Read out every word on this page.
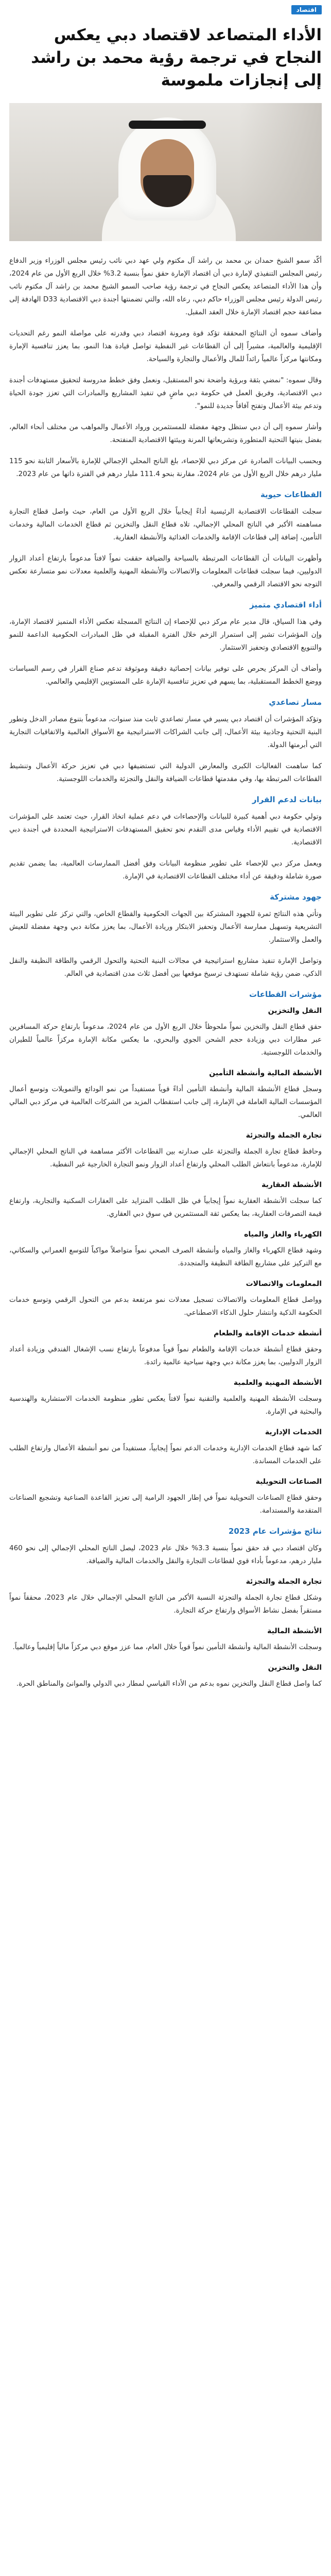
اقتصاد
الأداء المتصاعد لاقتصاد دبي يعكس النجاح في ترجمة رؤية محمد بن راشد إلى إنجازات ملموسة

أكّد سمو الشيخ حمدان بن محمد بن راشد آل مكتوم ولي عهد دبي نائب رئيس مجلس الوزراء وزير الدفاع رئيس المجلس التنفيذي لإمارة دبي أن اقتصاد الإمارة حقق نمواً بنسبة 3.2% خلال الربع الأول من عام 2024، وأن هذا الأداء المتصاعد يعكس النجاح في ترجمة رؤية صاحب السمو الشيخ محمد بن راشد آل مكتوم نائب رئيس الدولة رئيس مجلس الوزراء حاكم دبي، رعاه الله، والتي تضمنتها أجندة دبي الاقتصادية D33 الهادفة إلى مضاعفة حجم اقتصاد الإمارة خلال العقد المقبل.

وأضاف سموه أن النتائج المحققة تؤكد قوة ومرونة اقتصاد دبي وقدرته على مواصلة النمو رغم التحديات الإقليمية والعالمية، مشيراً إلى أن القطاعات غير النفطية تواصل قيادة هذا النمو، بما يعزز تنافسية الإمارة ومكانتها مركزاً عالمياً رائداً للمال والأعمال والتجارة والسياحة.

وقال سموه: "نمضي بثقة وبرؤية واضحة نحو المستقبل، ونعمل وفق خطط مدروسة لتحقيق مستهدفات أجندة دبي الاقتصادية، وفريق العمل في حكومة دبي ماضٍ في تنفيذ المشاريع والمبادرات التي تعزز جودة الحياة وتدعم بيئة الأعمال وتفتح آفاقاً جديدة للنمو".

وأشار سموه إلى أن دبي ستظل وجهة مفضلة للمستثمرين ورواد الأعمال والمواهب من مختلف أنحاء العالم، بفضل بنيتها التحتية المتطورة وتشريعاتها المرنة وبيئتها الاقتصادية المنفتحة.

وبحسب البيانات الصادرة عن مركز دبي للإحصاء، بلغ الناتج المحلي الإجمالي للإمارة بالأسعار الثابتة نحو 115 مليار درهم خلال الربع الأول من عام 2024، مقارنة بنحو 111.4 مليار درهم في الفترة ذاتها من عام 2023.

القطاعات حيوية

سجلت القطاعات الاقتصادية الرئيسية أداءً إيجابياً خلال الربع الأول من العام، حيث واصل قطاع التجارة مساهمته الأكبر في الناتج المحلي الإجمالي، تلاه قطاع النقل والتخزين ثم قطاع الخدمات المالية وخدمات التأمين، إضافة إلى قطاعات الإقامة والخدمات الغذائية والأنشطة العقارية.

وأظهرت البيانات أن القطاعات المرتبطة بالسياحة والضيافة حققت نمواً لافتاً مدعوماً بارتفاع أعداد الزوار الدوليين، فيما سجلت قطاعات المعلومات والاتصالات والأنشطة المهنية والعلمية معدلات نمو متسارعة تعكس التوجه نحو الاقتصاد الرقمي والمعرفي.

أداء اقتصادي متميز

وفي هذا السياق، قال مدير عام مركز دبي للإحصاء إن النتائج المسجلة تعكس الأداء المتميز لاقتصاد الإمارة، وإن المؤشرات تشير إلى استمرار الزخم خلال الفترة المقبلة في ظل المبادرات الحكومية الداعمة للنمو والتنويع الاقتصادي وتحفيز الاستثمار.

وأضاف أن المركز يحرص على توفير بيانات إحصائية دقيقة وموثوقة تدعم صناع القرار في رسم السياسات ووضع الخطط المستقبلية، بما يسهم في تعزيز تنافسية الإمارة على المستويين الإقليمي والعالمي.

مسار تصاعدي

وتؤكد المؤشرات أن اقتصاد دبي يسير في مسار تصاعدي ثابت منذ سنوات، مدعوماً بتنوع مصادر الدخل وتطور البنية التحتية وجاذبية بيئة الأعمال، إلى جانب الشراكات الاستراتيجية مع الأسواق العالمية والاتفاقيات التجارية التي أبرمتها الدولة.

كما ساهمت الفعاليات الكبرى والمعارض الدولية التي تستضيفها دبي في تعزيز حركة الأعمال وتنشيط القطاعات المرتبطة بها، وفي مقدمتها قطاعات الضيافة والنقل والتجزئة والخدمات اللوجستية.

بيانات لدعم القرار

وتولي حكومة دبي أهمية كبيرة للبيانات والإحصاءات في دعم عملية اتخاذ القرار، حيث تعتمد على المؤشرات الاقتصادية في تقييم الأداء وقياس مدى التقدم نحو تحقيق المستهدفات الاستراتيجية المحددة في أجندة دبي الاقتصادية.

ويعمل مركز دبي للإحصاء على تطوير منظومة البيانات وفق أفضل الممارسات العالمية، بما يضمن تقديم صورة شاملة ودقيقة عن أداء مختلف القطاعات الاقتصادية في الإمارة.

جهود مشتركة

وتأتي هذه النتائج ثمرة للجهود المشتركة بين الجهات الحكومية والقطاع الخاص، والتي تركز على تطوير البيئة التشريعية وتسهيل ممارسة الأعمال وتحفيز الابتكار وريادة الأعمال، بما يعزز مكانة دبي وجهة مفضلة للعيش والعمل والاستثمار.

وتواصل الإمارة تنفيذ مشاريع استراتيجية في مجالات البنية التحتية والتحول الرقمي والطاقة النظيفة والنقل الذكي، ضمن رؤية شاملة تستهدف ترسيخ موقعها بين أفضل ثلاث مدن اقتصادية في العالم.

مؤشرات القطاعات
النقل والتخزين

حقق قطاع النقل والتخزين نمواً ملحوظاً خلال الربع الأول من عام 2024، مدعوماً بارتفاع حركة المسافرين عبر مطارات دبي وزيادة حجم الشحن الجوي والبحري، ما يعكس مكانة الإمارة مركزاً عالمياً للطيران والخدمات اللوجستية.

الأنشطة المالية وأنشطة التأمين

وسجل قطاع الأنشطة المالية وأنشطة التأمين أداءً قوياً مستفيداً من نمو الودائع والتمويلات وتوسع أعمال المؤسسات المالية العاملة في الإمارة، إلى جانب استقطاب المزيد من الشركات العالمية في مركز دبي المالي العالمي.

تجارة الجملة والتجزئة

وحافظ قطاع تجارة الجملة والتجزئة على صدارته بين القطاعات الأكثر مساهمة في الناتج المحلي الإجمالي للإمارة، مدعوماً بانتعاش الطلب المحلي وارتفاع أعداد الزوار ونمو التجارة الخارجية غير النفطية.

الأنشطة العقارية

كما سجلت الأنشطة العقارية نمواً إيجابياً في ظل الطلب المتزايد على العقارات السكنية والتجارية، وارتفاع قيمة التصرفات العقارية، بما يعكس ثقة المستثمرين في سوق دبي العقاري.

الكهرباء والغاز والمياه

وشهد قطاع الكهرباء والغاز والمياه وأنشطة الصرف الصحي نمواً متواصلاً مواكباً للتوسع العمراني والسكاني، مع التركيز على مشاريع الطاقة النظيفة والمتجددة.

المعلومات والاتصالات

وواصل قطاع المعلومات والاتصالات تسجيل معدلات نمو مرتفعة بدعم من التحول الرقمي وتوسع خدمات الحكومة الذكية وانتشار حلول الذكاء الاصطناعي.

أنشطة خدمات الإقامة والطعام

وحقق قطاع أنشطة خدمات الإقامة والطعام نمواً قوياً مدفوعاً بارتفاع نسب الإشغال الفندقي وزيادة أعداد الزوار الدوليين، بما يعزز مكانة دبي وجهة سياحية عالمية رائدة.

الأنشطة المهنية والعلمية

وسجلت الأنشطة المهنية والعلمية والتقنية نمواً لافتاً يعكس تطور منظومة الخدمات الاستشارية والهندسية والبحثية في الإمارة.

الخدمات الإدارية

كما شهد قطاع الخدمات الإدارية وخدمات الدعم نمواً إيجابياً، مستفيداً من نمو أنشطة الأعمال وارتفاع الطلب على الخدمات المساندة.

الصناعات التحويلية

وحقق قطاع الصناعات التحويلية نمواً في إطار الجهود الرامية إلى تعزيز القاعدة الصناعية وتشجيع الصناعات المتقدمة والمستدامة.

نتائج مؤشرات عام 2023

وكان اقتصاد دبي قد حقق نمواً بنسبة 3.3% خلال عام 2023، ليصل الناتج المحلي الإجمالي إلى نحو 460 مليار درهم، مدعوماً بأداء قوي لقطاعات التجارة والنقل والخدمات المالية والضيافة.

تجارة الجملة والتجزئة

وشكل قطاع تجارة الجملة والتجزئة النسبة الأكبر من الناتج المحلي الإجمالي خلال عام 2023، محققاً نمواً مستقراً بفضل نشاط الأسواق وارتفاع حركة التجارة.

الأنشطة المالية

وسجلت الأنشطة المالية وأنشطة التأمين نمواً قوياً خلال العام، مما عزز موقع دبي مركزاً مالياً إقليمياً وعالمياً.

النقل والتخزين

كما واصل قطاع النقل والتخزين نموه بدعم من الأداء القياسي لمطار دبي الدولي والموانئ والمناطق الحرة.
